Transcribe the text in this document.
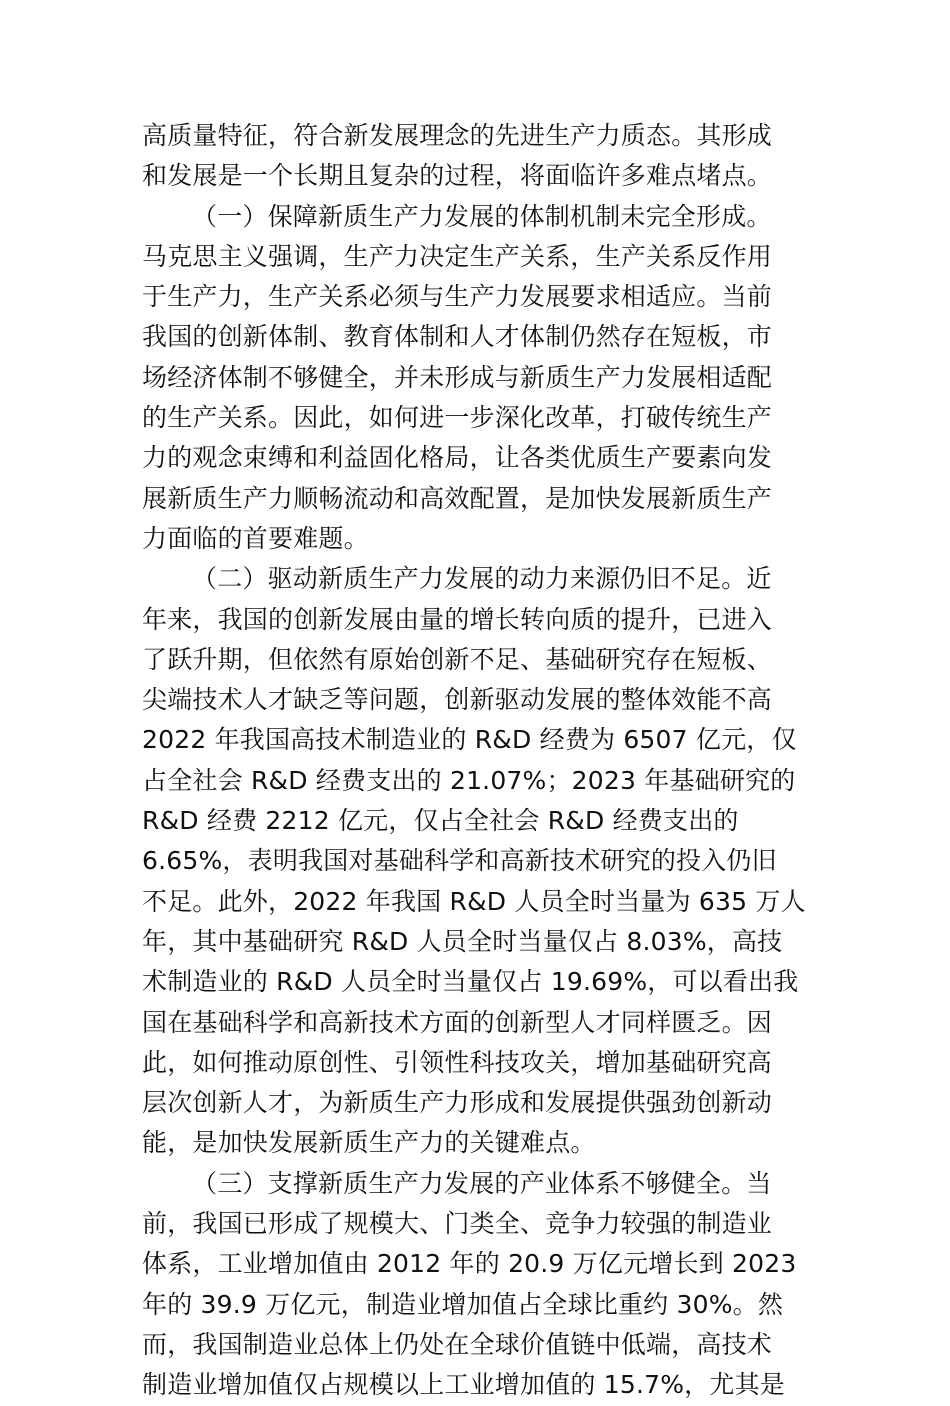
高质量特征，符合新发展理念的先进生产力质态。其形成
和发展是一个长期且复杂的过程，将面临许多难点堵点。
（一）保障新质生产力发展的体制机制未完全形成。
马克思主义强调，生产力决定生产关系，生产关系反作用
于生产力，生产关系必须与生产力发展要求相适应。当前
我国的创新体制、教育体制和人才体制仍然存在短板，市
场经济体制不够健全，并未形成与新质生产力发展相适配
的生产关系。因此，如何进一步深化改革，打破传统生产
力的观念束缚和利益固化格局，让各类优质生产要素向发
展新质生产力顺畅流动和高效配置，是加快发展新质生产
力面临的首要难题。
（二）驱动新质生产力发展的动力来源仍旧不足。近
年来，我国的创新发展由量的增长转向质的提升，已进入
了跃升期，但依然有原始创新不足、基础研究存在短板、
尖端技术人才缺乏等问题，创新驱动发展的整体效能不高
2022 年我国高技术制造业的 R&D 经费为 6507 亿元，仅
占全社会 R&D 经费支出的 21.07%；2023 年基础研究的
R&D 经费 2212 亿元，仅占全社会 R&D 经费支出的
6.65%，表明我国对基础科学和高新技术研究的投入仍旧
不足。此外，2022 年我国 R&D 人员全时当量为 635 万人
年，其中基础研究 R&D 人员全时当量仅占 8.03%，高技
术制造业的 R&D 人员全时当量仅占 19.69%，可以看出我
国在基础科学和高新技术方面的创新型人才同样匮乏。因
此，如何推动原创性、引领性科技攻关，增加基础研究高
层次创新人才，为新质生产力形成和发展提供强劲创新动
能，是加快发展新质生产力的关键难点。
（三）支撑新质生产力发展的产业体系不够健全。当
前，我国已形成了规模大、门类全、竞争力较强的制造业
体系，工业增加值由 2012 年的 20.9 万亿元增长到 2023
年的 39.9 万亿元，制造业增加值占全球比重约 30%。然
而，我国制造业总体上仍处在全球价值链中低端，高技术
制造业增加值仅占规模以上工业增加值的 15.7%，尤其是
